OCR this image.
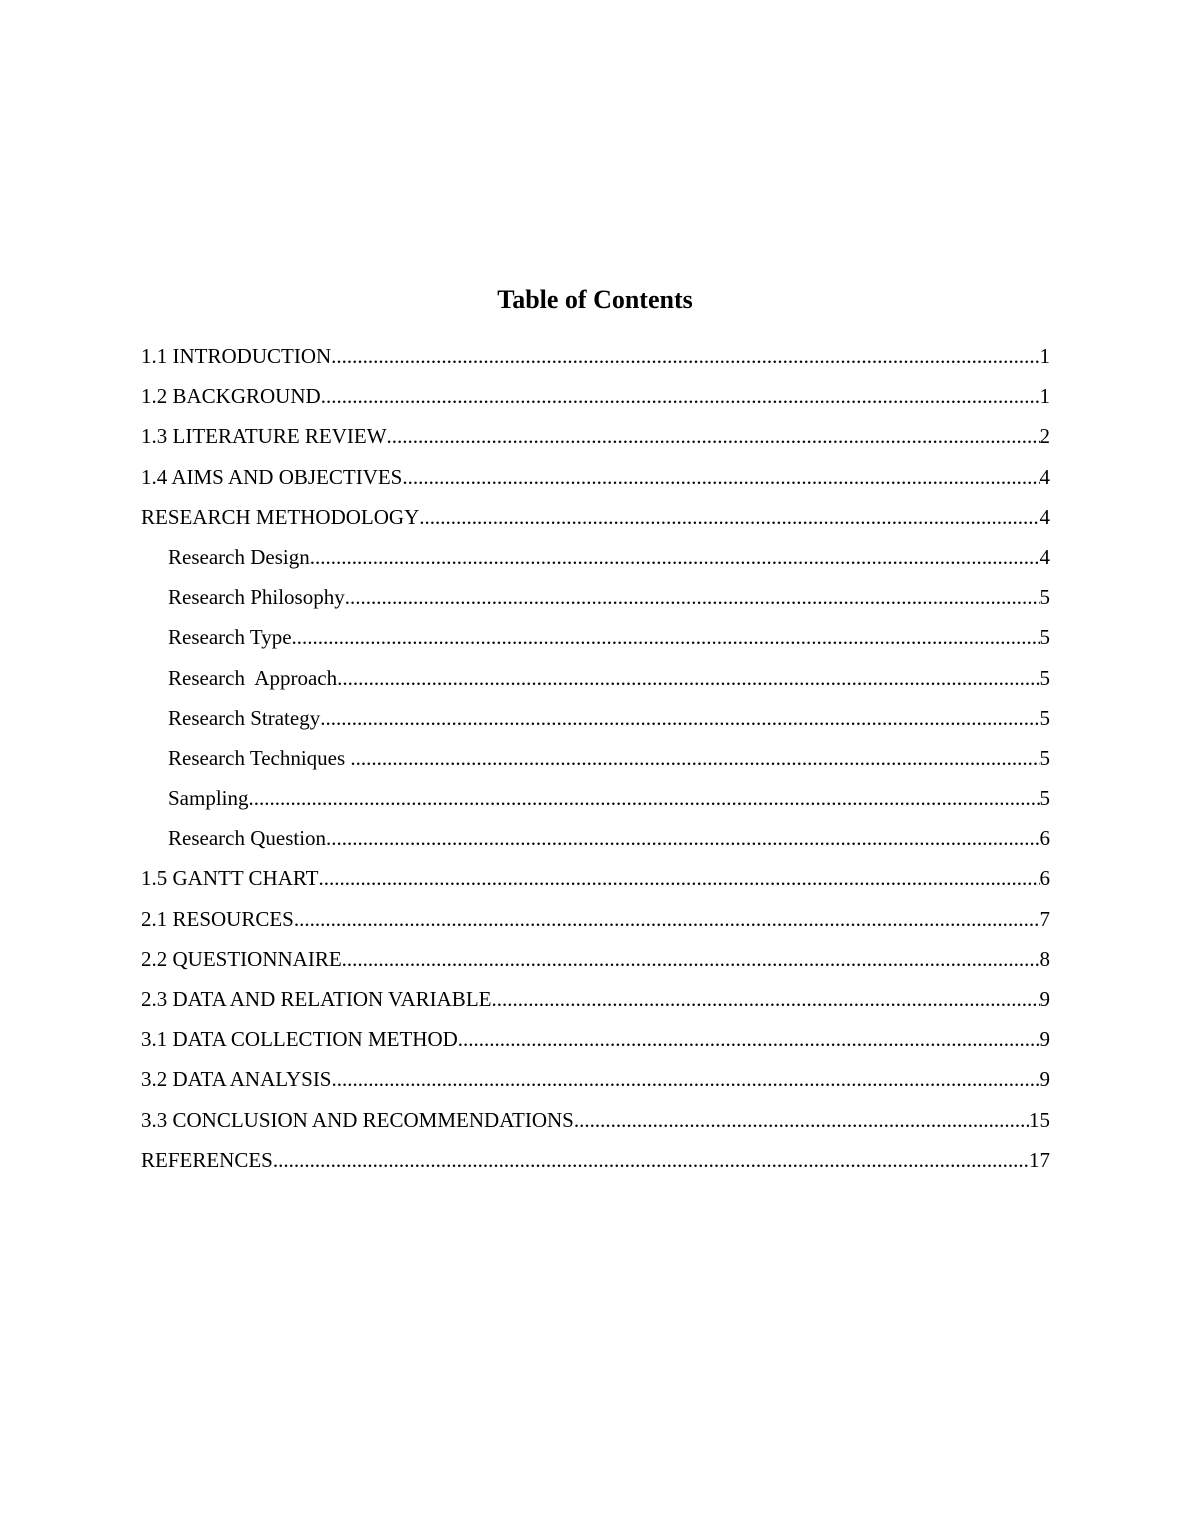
Table of Contents
1.1 INTRODUCTION .....	1
1.2 BACKGROUND .....	1
1.3 LITERATURE REVIEW .....	2
1.4 AIMS AND OBJECTIVES .....	4
RESEARCH METHODOLOGY .....	4
Research Design .....	4
Research Philosophy .....	5
Research Type .....	5
Research  Approach .....	5
Research Strategy .....	5
Research Techniques .....	5
Sampling .....	5
Research Question .....	6
1.5 GANTT CHART .....	6
2.1 RESOURCES .....	7
2.2 QUESTIONNAIRE .....	8
2.3 DATA AND RELATION VARIABLE .....	9
3.1 DATA COLLECTION METHOD .....	9
3.2 DATA ANALYSIS .....	9
3.3 CONCLUSION AND RECOMMENDATIONS .....	15
REFERENCES .....	17
